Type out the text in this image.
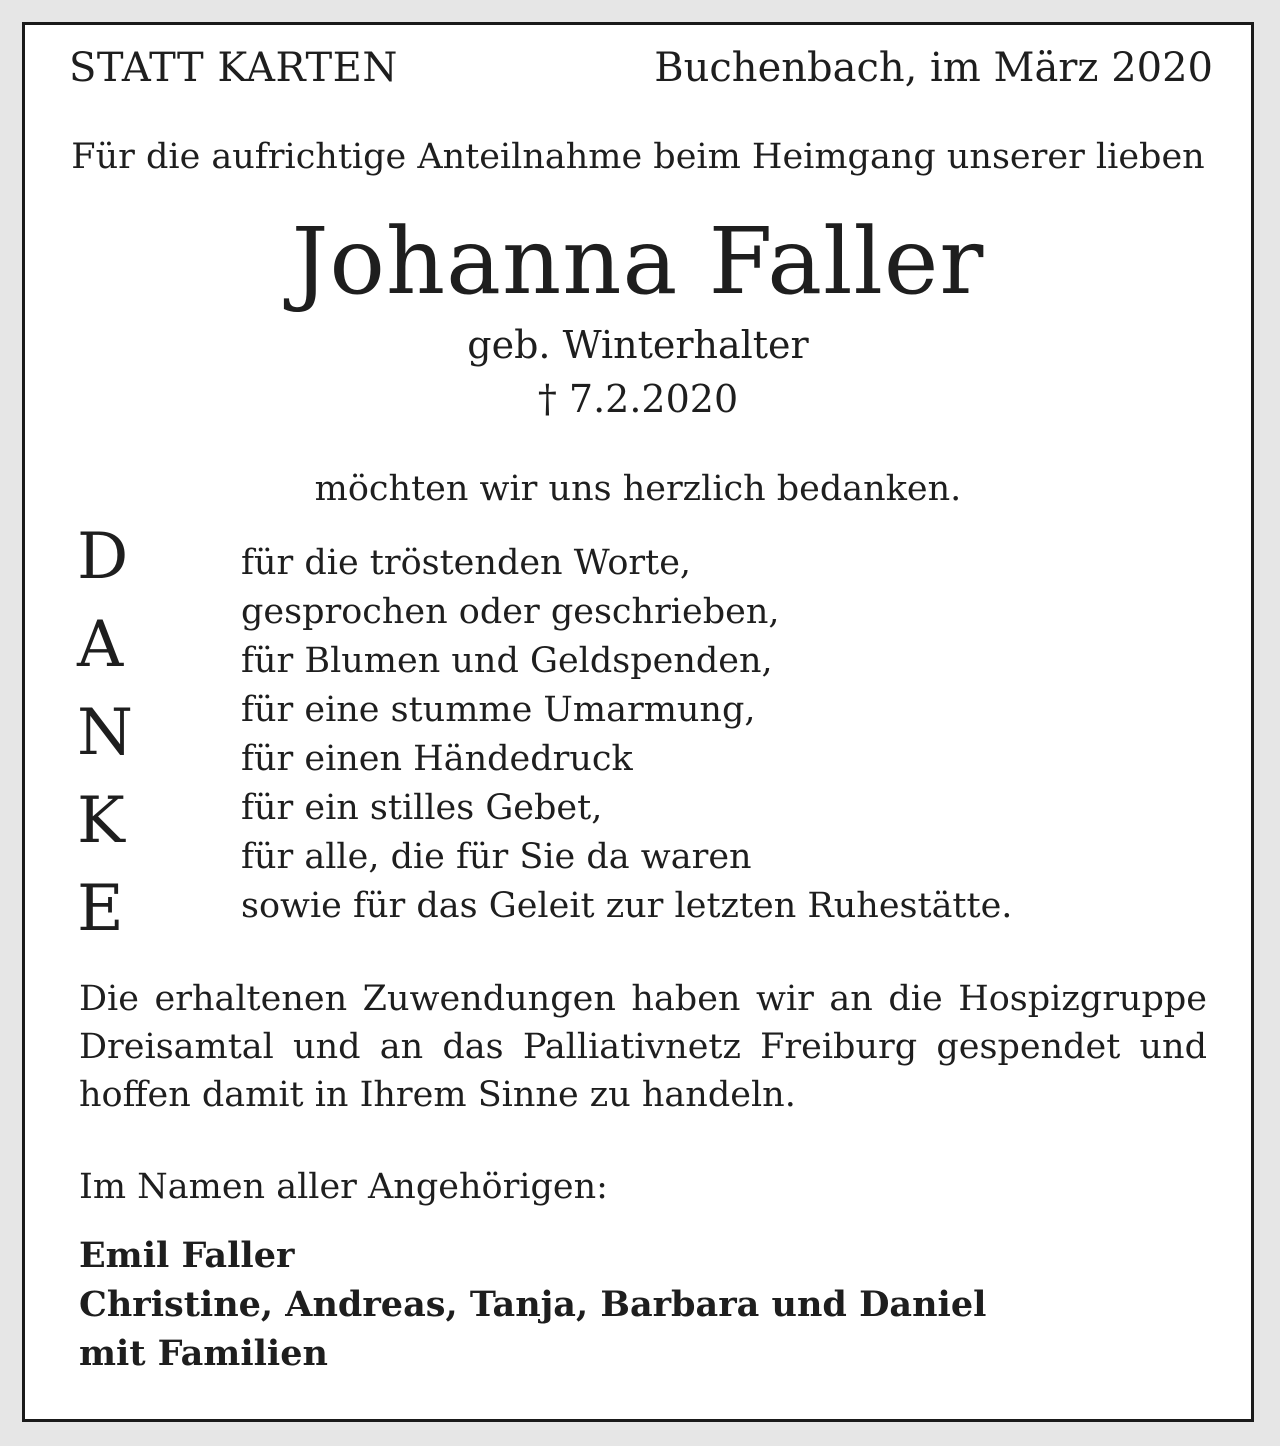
STATT KARTEN	Buchenbach, im März 2020
Für die aufrichtige Anteilnahme beim Heimgang unserer lieben
Johanna Faller
geb. Winterhalter
† 7.2.2020
möchten wir uns herzlich bedanken.
D
A
N
K
E
für die tröstenden Worte,
gesprochen oder geschrieben,
für Blumen und Geldspenden,
für eine stumme Umarmung,
für einen Händedruck
für ein stilles Gebet,
für alle, die für Sie da waren
sowie für das Geleit zur letzten Ruhestätte.
Die erhaltenen Zuwendungen haben wir an die Hospizgruppe Dreisamtal und an das Palliativnetz Freiburg gespendet und hoffen damit in Ihrem Sinne zu handeln.
Im Namen aller Angehörigen:
Emil Faller
Christine, Andreas, Tanja, Barbara und Daniel
mit Familien
